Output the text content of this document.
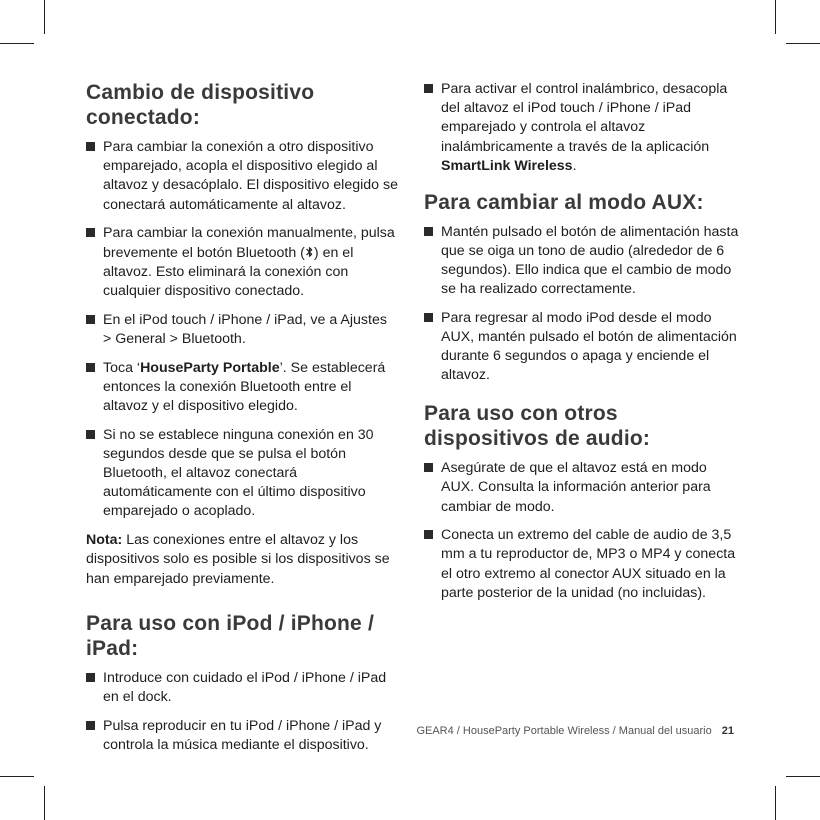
Cambio de dispositivo conectado:
Para cambiar la conexión a otro dispositivo emparejado, acopla el dispositivo elegido al altavoz y desacóplalo. El dispositivo elegido se conectará automáticamente al altavoz.
Para cambiar la conexión manualmente, pulsa brevemente el botón Bluetooth ( ) en el altavoz. Esto eliminará la conexión con cualquier dispositivo conectado.
En el iPod touch / iPhone / iPad, ve a Ajustes > General > Bluetooth.
Toca ‘HouseParty Portable’. Se establecerá entonces la conexión Bluetooth entre el altavoz y el dispositivo elegido.
Si no se establece ninguna conexión en 30 segundos desde que se pulsa el botón Bluetooth, el altavoz conectará automáticamente con el último dispositivo emparejado o acoplado.

Nota: Las conexiones entre el altavoz y los dispositivos solo es posible si los dispositivos se han emparejado previamente.

Para uso con iPod / iPhone / iPad:
Introduce con cuidado el iPod / iPhone / iPad en el dock.
Pulsa reproducir en tu iPod / iPhone / iPad y controla la música mediante el dispositivo.
Para activar el control inalámbrico, desacopla del altavoz el iPod touch / iPhone / iPad emparejado y controla el altavoz inalámbricamente a través de la aplicación SmartLink Wireless.
Para cambiar al modo AUX:
Mantén pulsado el botón de alimentación hasta que se oiga un tono de audio (alrededor de 6 segundos). Ello indica que el cambio de modo se ha realizado correctamente.
Para regresar al modo iPod desde el modo AUX, mantén pulsado el botón de alimentación durante 6 segundos o apaga y enciende el altavoz.
Para uso con otros dispositivos de audio:
Asegúrate de que el altavoz está en modo AUX. Consulta la información anterior para cambiar de modo.
Conecta un extremo del cable de audio de 3,5 mm a tu reproductor de, MP3 o MP4 y conecta el otro extremo al conector AUX situado en la parte posterior de la unidad (no incluidas).
GEAR4 / HouseParty Portable Wireless / Manual del usuario 21
